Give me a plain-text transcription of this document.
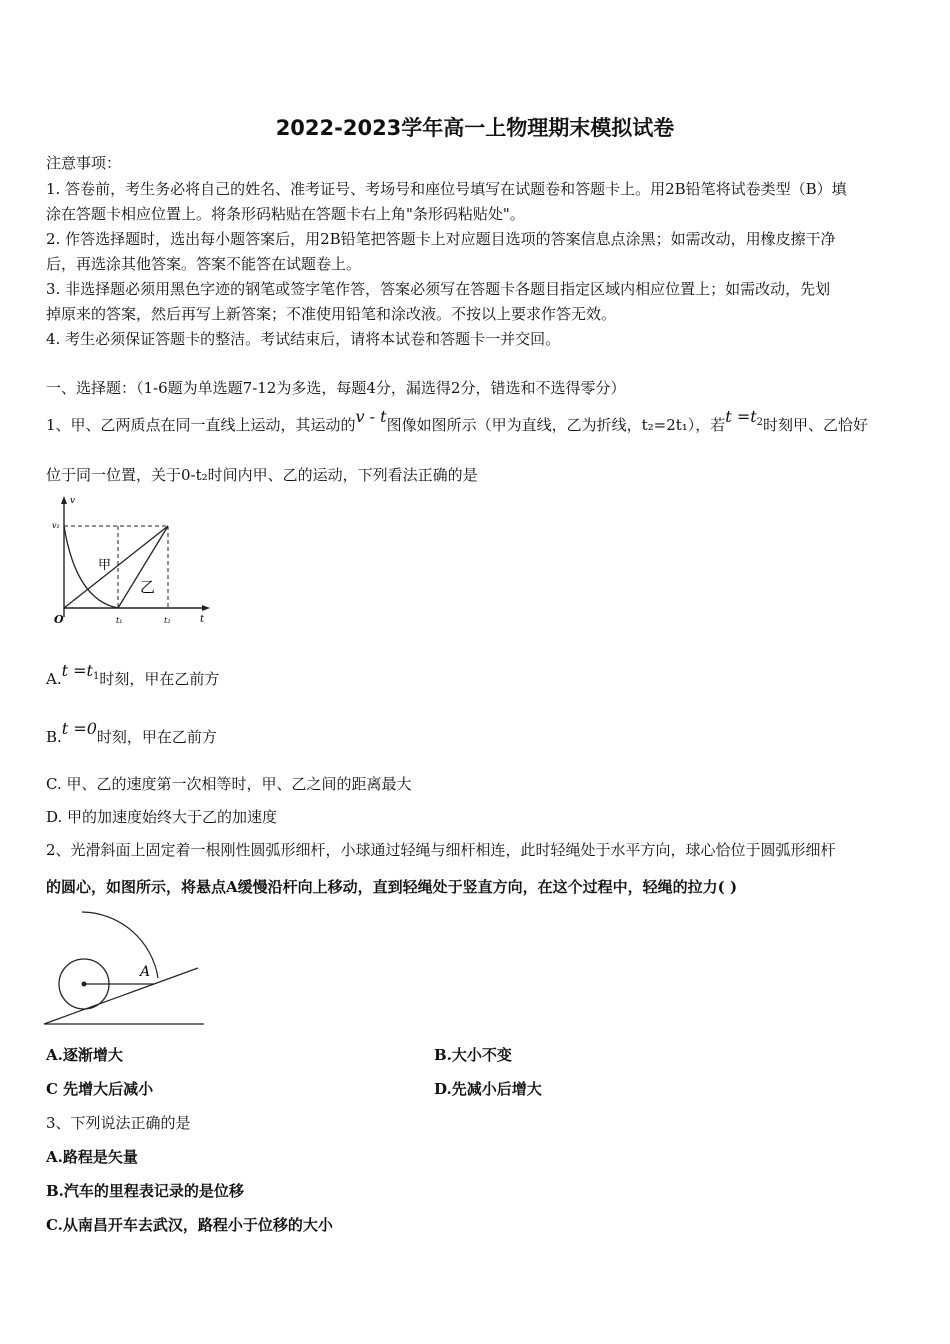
2022-2023学年高一上物理期末模拟试卷
注意事项：
1. 答卷前，考生务必将自己的姓名、准考证号、考场号和座位号填写在试题卷和答题卡上。用2B铅笔将试卷类型（B）填
涂在答题卡相应位置上。将条形码粘贴在答题卡右上角"条形码粘贴处"。
2. 作答选择题时，选出每小题答案后，用2B铅笔把答题卡上对应题目选项的答案信息点涂黑；如需改动，用橡皮擦干净
后，再选涂其他答案。答案不能答在试题卷上。
3. 非选择题必须用黑色字迹的钢笔或签字笔作答，答案必须写在答题卡各题目指定区域内相应位置上；如需改动，先划
掉原来的答案，然后再写上新答案；不准使用铅笔和涂改液。不按以上要求作答无效。
4. 考生必须保证答题卡的整洁。考试结束后，请将本试卷和答题卡一并交回。
一、选择题：（1-6题为单选题7-12为多选，每题4分，漏选得2分，错选和不选得零分）
1、甲、乙两质点在同一直线上运动，其运动的v - t图像如图所示（甲为直线，乙为折线，t₂=2t₁），若$t =t_2$时刻甲、乙恰好
位于同一位置，关于0-t₂时间内甲、乙的运动，下列看法正确的是
v
v₁
t
O	t₁	t₂
甲
乙
$A.t =t_1$时刻，甲在乙前方
B.t =0时刻，甲在乙前方
C. 甲、乙的速度第一次相等时，甲、乙之间的距离最大
D. 甲的加速度始终大于乙的加速度
2、光滑斜面上固定着一根刚性圆弧形细杆，小球通过轻绳与细杆相连，此时轻绳处于水平方向，球心恰位于圆弧形细杆
的圆心，如图所示，将悬点A缓慢沿杆向上移动，直到轻绳处于竖直方向，在这个过程中，轻绳的拉力( )
A
A.逐渐增大	B.大小不变
C 先增大后减小	D.先减小后增大
3、下列说法正确的是
A.路程是矢量
B.汽车的里程表记录的是位移
C.从南昌开车去武汉，路程小于位移的大小
